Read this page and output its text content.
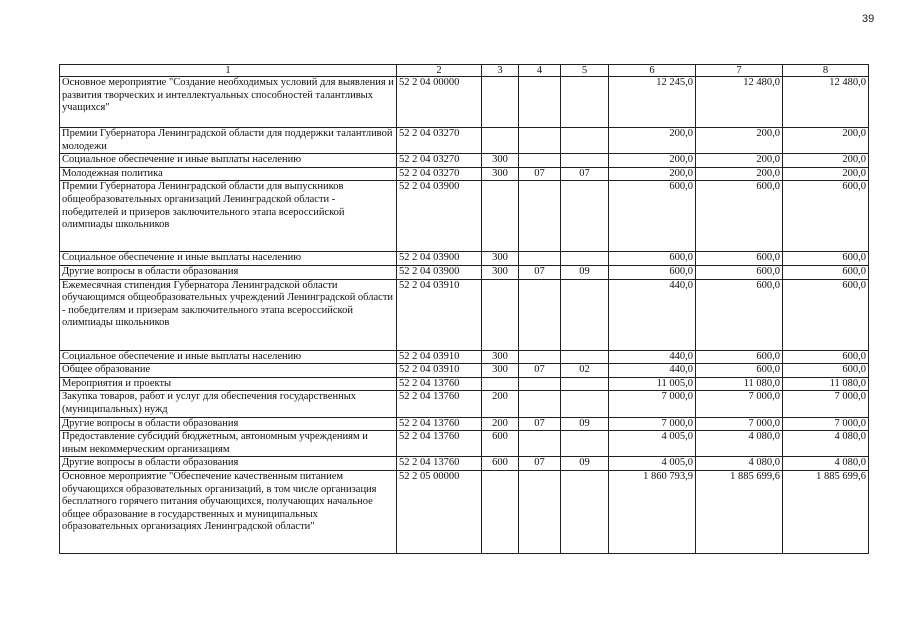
39
1	2	3	4	5	6	7	8
Основное мероприятие "Создание необходимых условий для выявления и развития творческих и интеллектуальных способностей талантливых учащихся"	52 2 04 00000				12 245,0	12 480,0	12 480,0
Премии Губернатора Ленинградской области для поддержки талантливой молодежи	52 2 04 03270				200,0	200,0	200,0
Социальное обеспечение и иные выплаты населению	52 2 04 03270	300			200,0	200,0	200,0
Молодежная политика	52 2 04 03270	300	07	07	200,0	200,0	200,0
Премии Губернатора Ленинградской области для выпускников общеобразовательных организаций Ленинградской области - победителей и призеров заключительного этапа всероссийской олимпиады школьников	52 2 04 03900				600,0	600,0	600,0
Социальное обеспечение и иные выплаты населению	52 2 04 03900	300			600,0	600,0	600,0
Другие вопросы в области образования	52 2 04 03900	300	07	09	600,0	600,0	600,0
Ежемесячная стипендия Губернатора Ленинградской области обучающимся общеобразовательных учреждений Ленинградской области - победителям и призерам заключительного этапа всероссийской олимпиады школьников	52 2 04 03910				440,0	600,0	600,0
Социальное обеспечение и иные выплаты населению	52 2 04 03910	300			440,0	600,0	600,0
Общее образование	52 2 04 03910	300	07	02	440,0	600,0	600,0
Мероприятия и проекты	52 2 04 13760				11 005,0	11 080,0	11 080,0
Закупка товаров, работ и услуг для обеспечения государственных (муниципальных) нужд	52 2 04 13760	200			7 000,0	7 000,0	7 000,0
Другие вопросы в области образования	52 2 04 13760	200	07	09	7 000,0	7 000,0	7 000,0
Предоставление субсидий бюджетным, автономным учреждениям и иным некоммерческим организациям	52 2 04 13760	600			4 005,0	4 080,0	4 080,0
Другие вопросы в области образования	52 2 04 13760	600	07	09	4 005,0	4 080,0	4 080,0
Основное мероприятие "Обеспечение качественным питанием обучающихся образовательных организаций, в том числе организация бесплатного горячего питания обучающихся, получающих начальное общее образование в государственных и муниципальных образовательных организациях Ленинградской области"	52 2 05 00000				1 860 793,9	1 885 699,6	1 885 699,6
